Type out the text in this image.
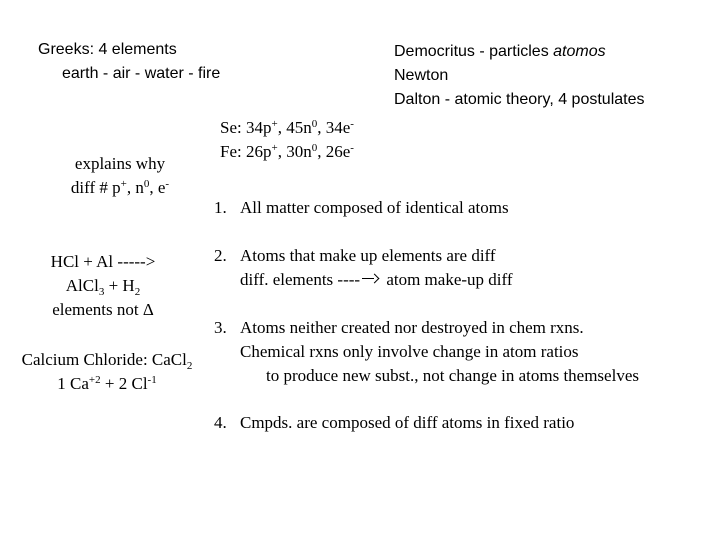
Greeks: 4 elements
earth - air - water - fire
Democritus - particles atomos
Newton
Dalton - atomic theory, 4 postulates
Se: 34p+, $45n^0$, 34e-
Fe: 26p+, $30n^0$, 26e-
explains why
diff # p+, $n^0$, e-
HCl + Al ----->
AlCl$_3$ + $H_2$
elements not Δ
Calcium Chloride: CaCl$_2$
1 $Ca^{+2} + 2$ $Cl^{-1}$
1. All matter composed of identical atoms
2. Atoms that make up elements are diff
diff. elements ---- atom make-up diff
3. Atoms neither created nor destroyed in chem rxns.
Chemical rxns only involve change in atom ratios
to produce new subst., not change in atoms themselves
4. Cmpds. are composed of diff atoms in fixed ratio
